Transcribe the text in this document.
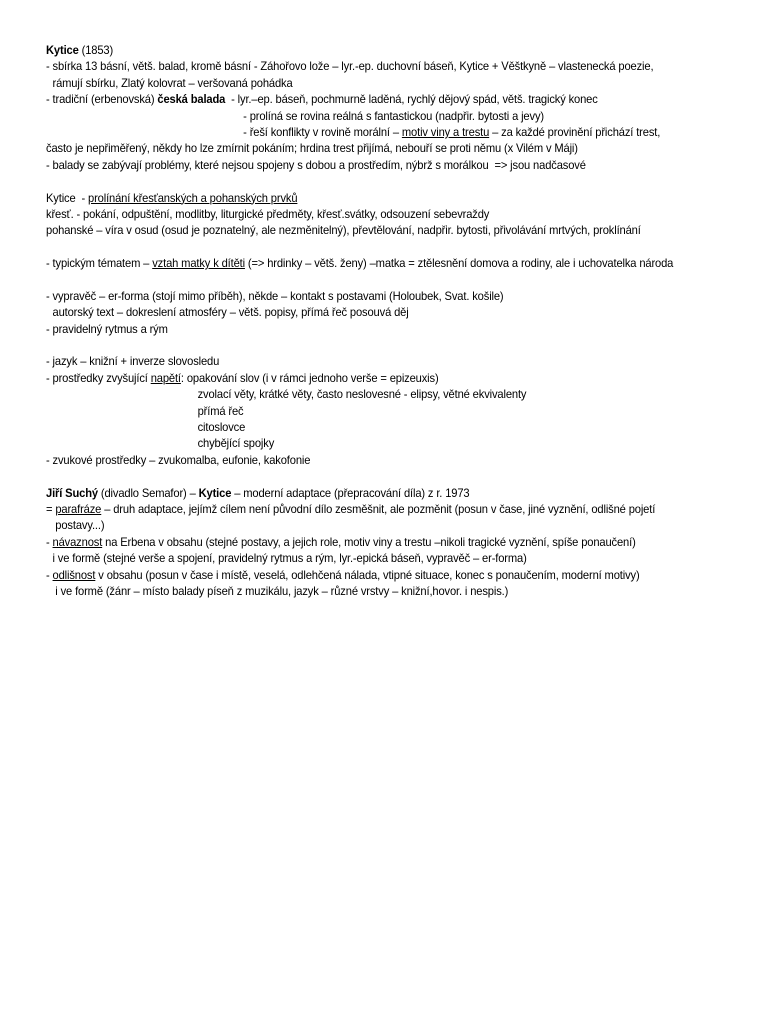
Kytice (1853)
- sbírka 13 básní, větš. balad, kromě básní - Záhořovo lože – lyr.-ep. duchovní báseň, Kytice + Věštkyně – vlastenecká poezie,
rámují sbírku, Zlatý kolovrat – veršovaná pohádka
- tradiční (erbenovská) česká balada  - lyr.–ep. báseň, pochmurně laděná, rychlý dějový spád, větš. tragický konec
- prolíná se rovina reálná s fantastickou (nadpřir. bytosti a jevy)
- řeší konflikty v rovině morální – motiv viny a trestu – za každé provinění přichází trest,
často je nepřiměřený, někdy ho lze zmírnit pokáním; hrdina trest přijímá, nebouří se proti němu (x Vilém v Máji)
- balady se zabývají problémy, které nejsou spojeny s dobou a prostředím, nýbrž s morálkou  => jsou nadčasové
Kytice  - prolínání křesťanských a pohanských prvků
křesť. - pokání, odpuštění, modlitby, liturgické předměty, křesť.svátky, odsouzení sebevraždy
pohanské – víra v osud (osud je poznatelný, ale nezměnitelný), převtělování, nadpřir. bytosti, přivolávání mrtvých, proklínání
- typickým tématem – vztah matky k dítěti (=> hrdinky – větš. ženy) –matka = ztělesnění domova a rodiny, ale i uchovatelka národa
- vypravěč – er-forma (stojí mimo příběh), někde – kontakt s postavami (Holoubek, Svat. košile)
autorský text – dokreslení atmosféry – větš. popisy, přímá řeč posouvá děj
- pravidelný rytmus a rým
- jazyk – knižní + inverze slovosledu
- prostředky zvyšující napětí: opakování slov (i v rámci jednoho verše = epizeuxis)
zvolací věty, krátké věty, často neslovesné - elipsy, větné ekvivalenty
přímá řeč
citoslovce
chybějící spojky
- zvukové prostředky – zvukomalba, eufonie, kakofonie
Jiří Suchý (divadlo Semafor) – Kytice – moderní adaptace (přepracování díla) z r. 1973
= parafráze – druh adaptace, jejímž cílem není původní dílo zesměšnit, ale pozměnit (posun v čase, jiné vyznění, odlišné pojetí
postavy...)
- návaznost na Erbena v obsahu (stejné postavy, a jejich role, motiv viny a trestu –nikoli tragické vyznění, spíše ponaučení)
i ve formě (stejné verše a spojení, pravidelný rytmus a rým, lyr.-epická báseň, vypravěč – er-forma)
- odlišnost v obsahu (posun v čase i místě, veselá, odlehčená nálada, vtipné situace, konec s ponaučením, moderní motivy)
i ve formě (žánr – místo balady píseň z muzikálu, jazyk – různé vrstvy – knižní,hovor. i nespis.)
